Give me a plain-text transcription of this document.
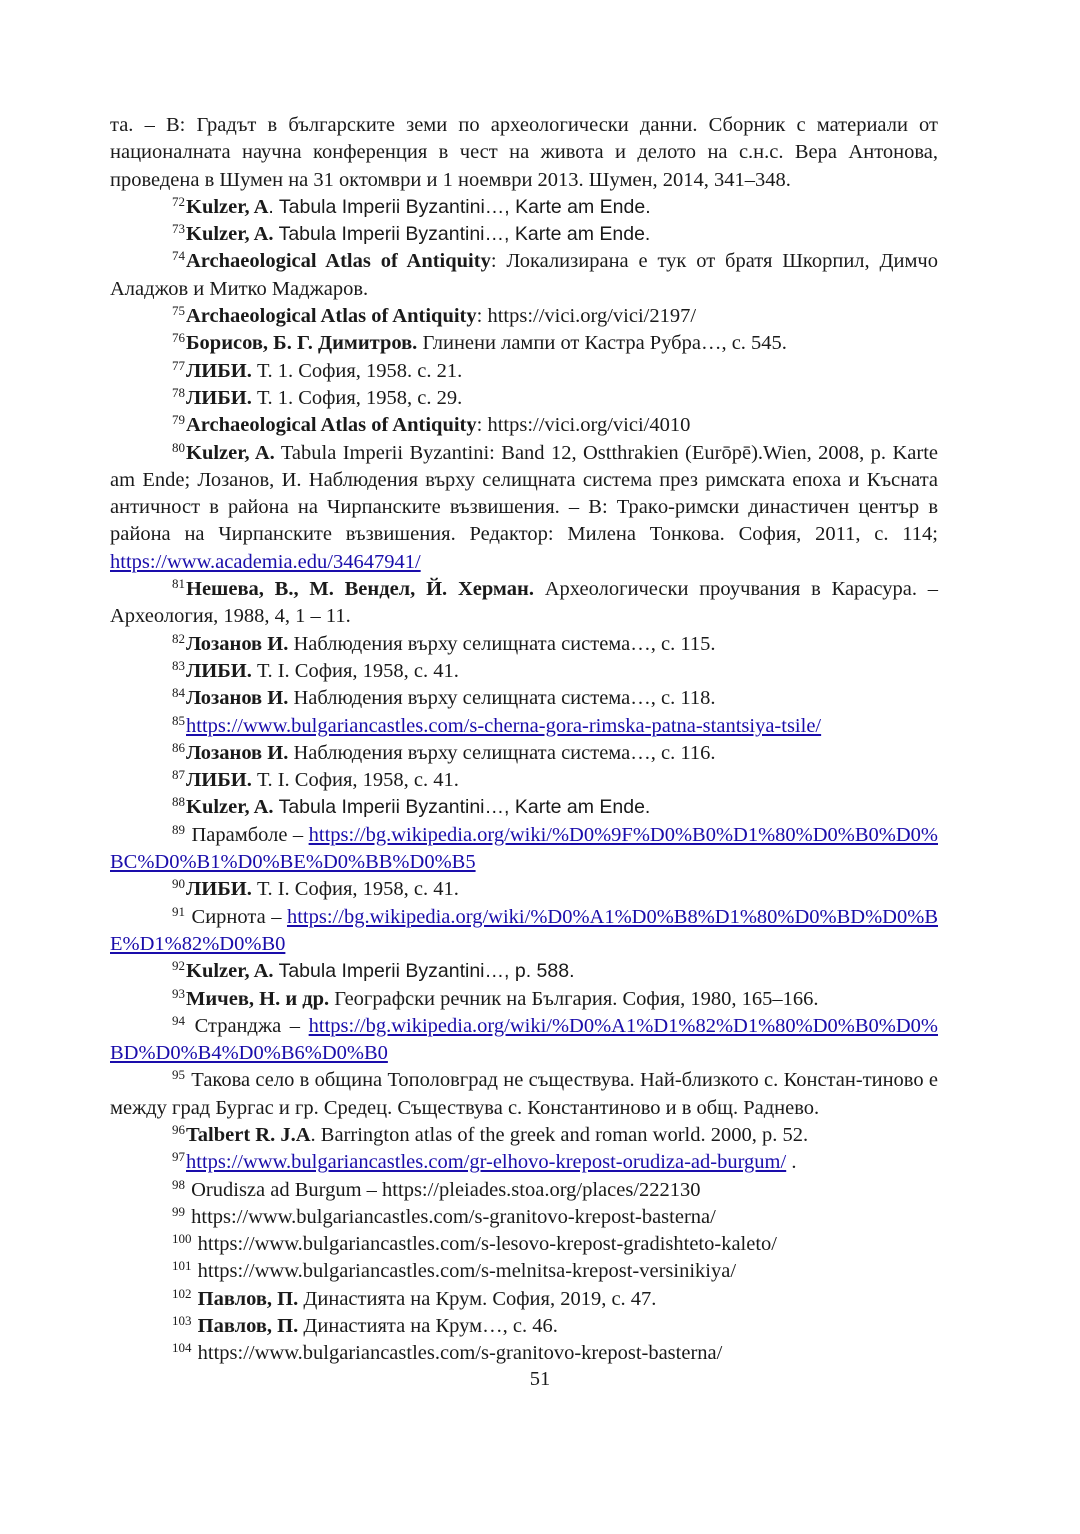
та. – В: Градът в българските земи по археологически данни. Сборник с материали от националната научна конференция в чест на живота и делото на с.н.с. Вера Антонова, проведена в Шумен на 31 октомври и 1 ноември 2013. Шумен, 2014, 341–348.
$^{72}$Kulzer, A. Tabula Imperii Byzantini…, Karte am Ende.
$^{73}$Kulzer, A. Tabula Imperii Byzantini…, Karte am Ende.
$^{74}$Archaeological Atlas of Antiquity: Локализирана е тук от братя Шкорпил, Димчо Аладжов и Митко Маджаров.
$^{75}$Archaeological Atlas of Antiquity: https://vici.org/vici/2197/
$^{76}$Борисов, Б. Г. Димитров. Глинени лампи от Кастра Рубра…, с. 545.
$^{77}$ЛИБИ. Т. 1. София, 1958. с. 21.
$^{78}$ЛИБИ. Т. 1. София, 1958, с. 29.
$^{79}$Archaeological Atlas of Antiquity: https://vici.org/vici/4010
$^{80}$Kulzer, A. Tabula Imperii Byzantini: Band 12, Ostthrakien (Eurōpē).Wien, 2008, p. Karte am Ende; Лозанов, И. Наблюдения върху селищната система през римската епоха и Късната античност в района на Чирпанските възвишения. – В: Тракo-римски династичен център в района на Чирпанските възвишения. Редактор: Милена Тонкова. София, 2011, с. 114; https://www.academia.edu/34647941/
$^{81}$Нешева, В., М. Вендел, Й. Херман. Археологически проучвания в Карасура. – Археология, 1988, 4, 1 – 11.
$^{82}$Лозанов И. Наблюдения върху селищната система…, с. 115.
$^{83}$ЛИБИ. Т. I. София, 1958, с. 41.
$^{84}$Лозанов И. Наблюдения върху селищната система…, с. 118.
$^{85}$https://www.bulgariancastles.com/s-cherna-gora-rimska-patna-stantsiya-tsile/
$^{86}$Лозанов И. Наблюдения върху селищната система…, с. 116.
$^{87}$ЛИБИ. Т. I. София, 1958, с. 41.
$^{88}$Kulzer, A. Tabula Imperii Byzantini…, Karte am Ende.
$^{89}$ Парамболе – https://bg.wikipedia.org/wiki/%D0%9F%D0%B0%D1%80%D0%B0%D0%BC%D0%B1%D0%BE%D0%BB%D0%B5
$^{90}$ЛИБИ. Т. I. София, 1958, с. 41.
$^{91}$ Сирнота – https://bg.wikipedia.org/wiki/%D0%A1%D0%B8%D1%80%D0%BD%D0%BE%D1%82%D0%B0
$^{92}$Kulzer, A. Tabula Imperii Byzantini…, p. 588.
$^{93}$Мичев, Н. и др. Географски речник на България. София, 1980, 165–166.
$^{94}$ Странджа – https://bg.wikipedia.org/wiki/%D0%A1%D1%82%D1%80%D0%B0%D0%BD%D0%B4%D0%B6%D0%B0
$^{95}$ Такова село в община Тополовград не съществува. Най-близкото с. Констан-тиново е между град Бургас и гр. Средец. Съществува с. Константиново и в общ. Раднево.
$^{96}$Talbert R. J.A. Barrington atlas of the greek and roman world. 2000, p. 52.
$^{97}$https://www.bulgariancastles.com/gr-elhovo-krepost-orudiza-ad-burgum/ .
$^{98}$ Orudisza ad Burgum – https://pleiades.stoa.org/places/222130
$^{99}$ https://www.bulgariancastles.com/s-granitovo-krepost-basterna/
$^{100}$ https://www.bulgariancastles.com/s-lesovo-krepost-gradishteto-kaleto/
$^{101}$ https://www.bulgariancastles.com/s-melnitsa-krepost-versinikiya/
$^{102}$ Павлов, П. Династията на Крум. София, 2019, с. 47.
$^{103}$ Павлов, П. Династията на Крум…, с. 46.
$^{104}$ https://www.bulgariancastles.com/s-granitovo-krepost-basterna/
51
